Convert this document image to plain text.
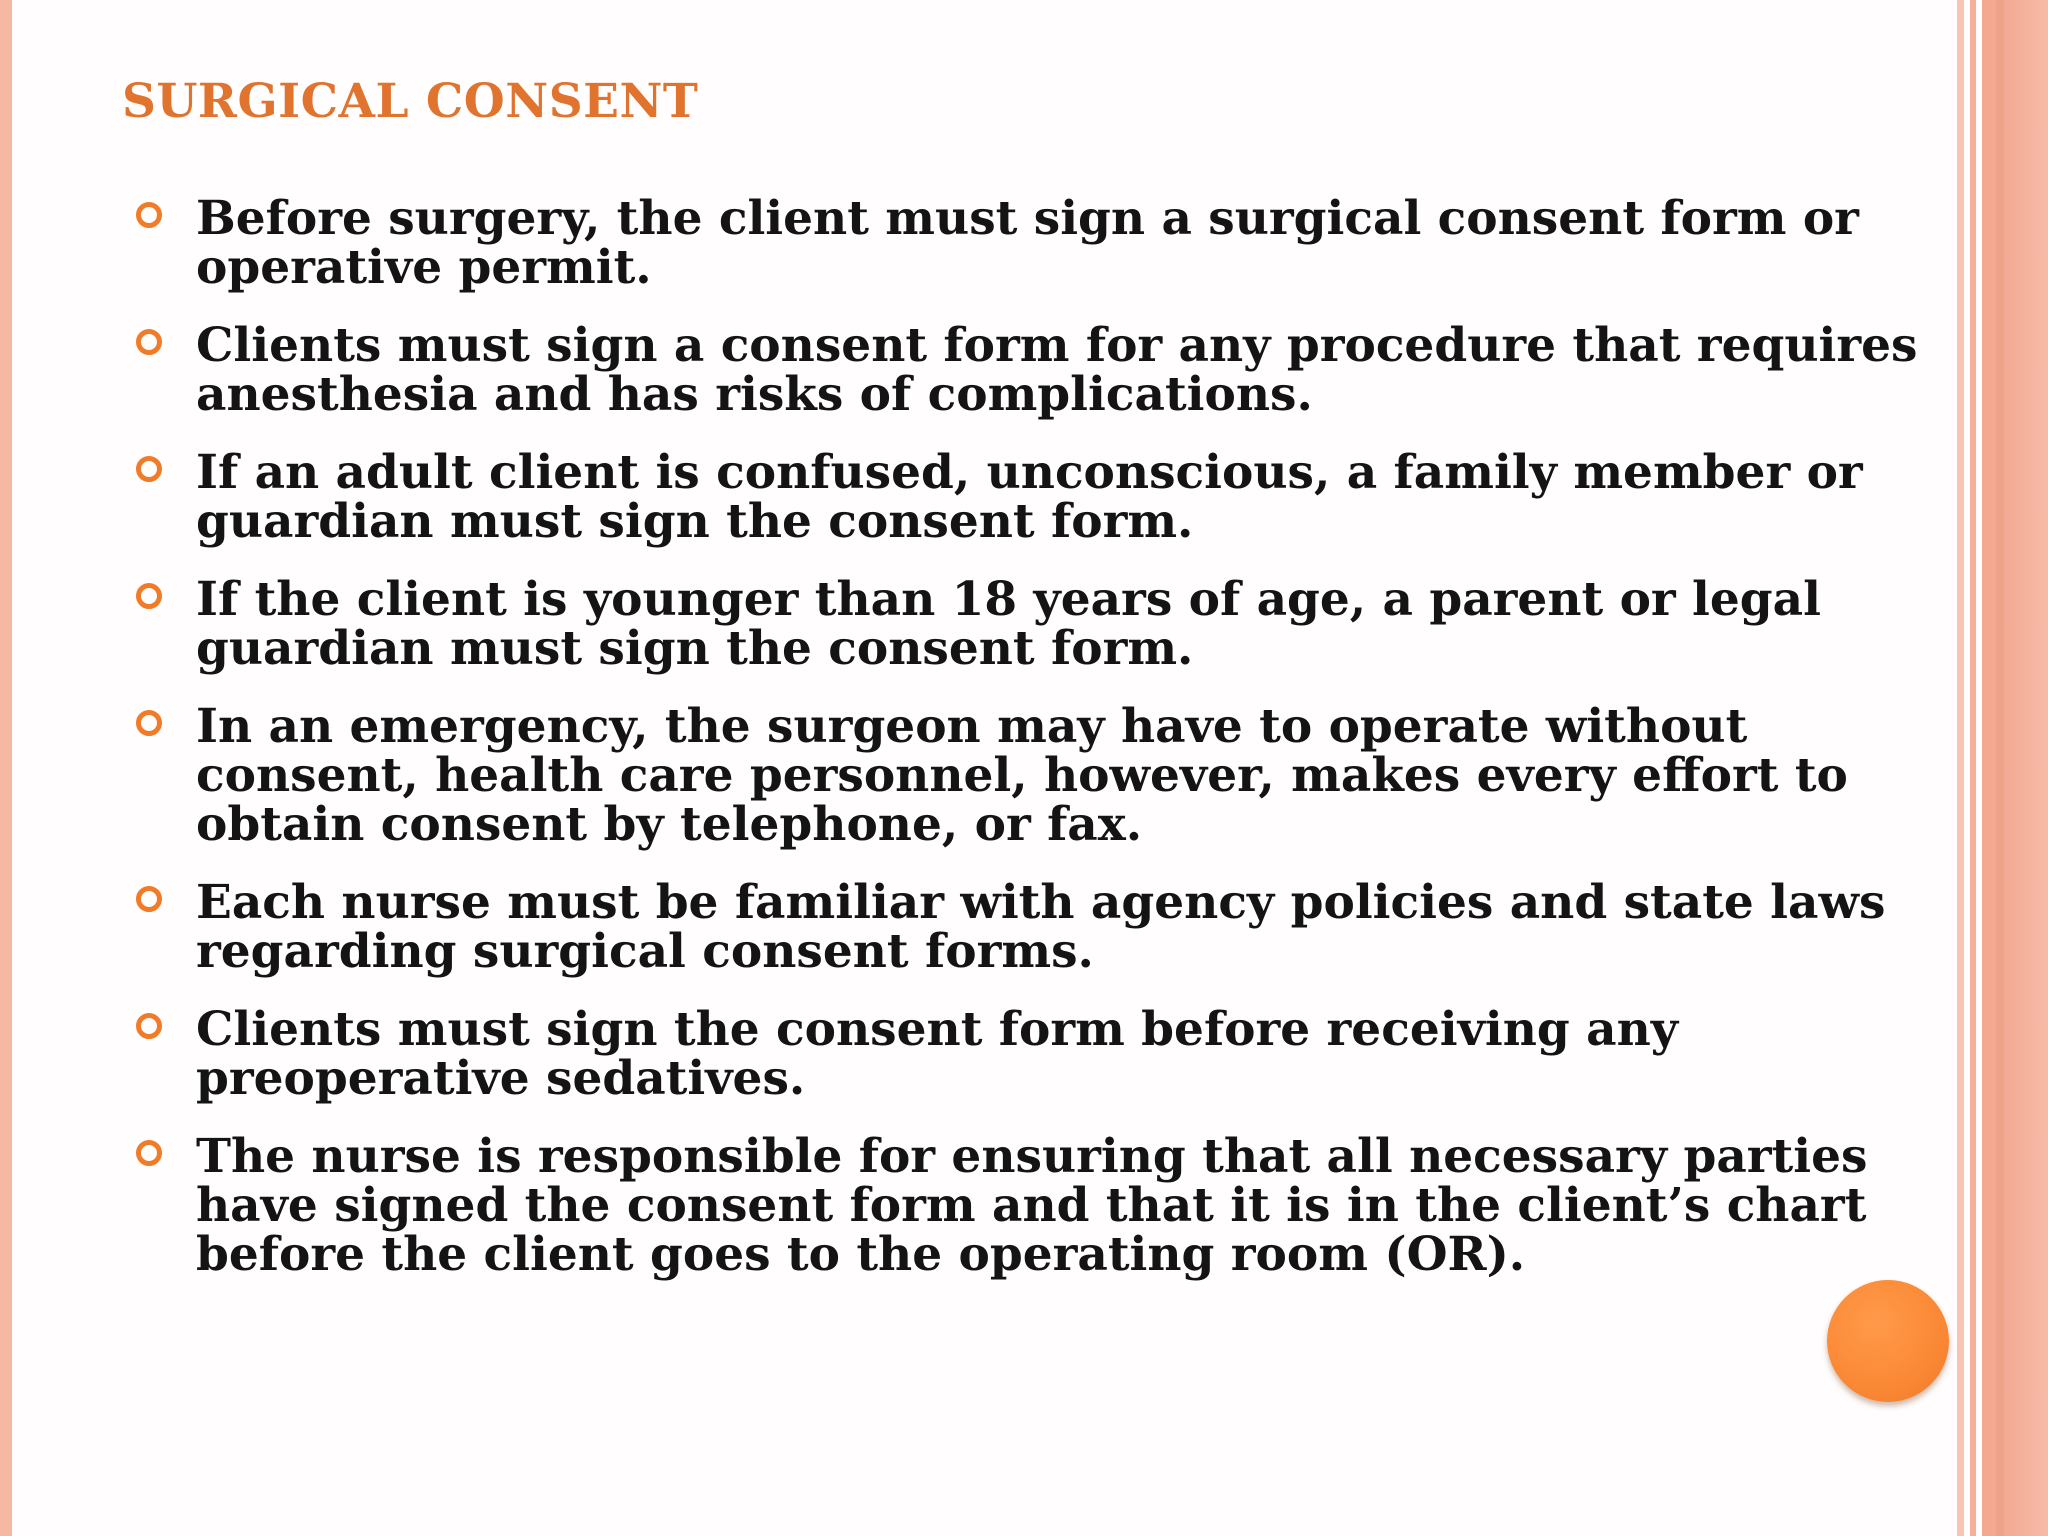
SURGICAL CONSENT
Before surgery, the client must sign a surgical consent form or
operative permit.
Clients must sign a consent form for any procedure that requires
anesthesia and has risks of complications.
If an adult client is confused, unconscious, a family member or
guardian must sign the consent form.
If the client is younger than 18 years of age, a parent or legal
guardian must sign the consent form.
In an emergency, the surgeon may have to operate without
consent, health care personnel, however, makes every effort to
obtain consent by telephone, or fax.
Each nurse must be familiar with agency policies and state laws
regarding surgical consent forms.
Clients must sign the consent form before receiving any
preoperative sedatives.
The nurse is responsible for ensuring that all necessary parties
have signed the consent form and that it is in the client’s chart
before the client goes to the operating room (OR).
